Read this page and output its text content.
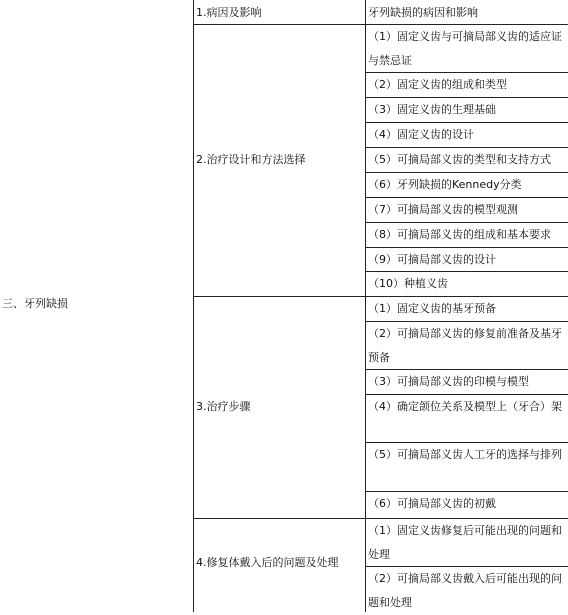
三、牙列缺损
1.病因及影响	牙列缺损的病因和影响
2.治疗设计和方法选择
3.治疗步骤
4.修复体戴入后的问题及处理
（1）固定义齿与可摘局部义齿的适应证与禁忌证
（2）固定义齿的组成和类型
（3）固定义齿的生理基础
（4）固定义齿的设计
（5）可摘局部义齿的类型和支持方式
（6）牙列缺损的Kennedy分类
（7）可摘局部义齿的模型观测
（8）可摘局部义齿的组成和基本要求
（9）可摘局部义齿的设计
（10）种植义齿
（1）固定义齿的基牙预备
（2）可摘局部义齿的修复前准备及基牙预备
（3）可摘局部义齿的印模与模型
（4）确定颌位关系及模型上（牙合）架
（5）可摘局部义齿人工牙的选择与排列
（6）可摘局部义齿的初戴
（1）固定义齿修复后可能出现的问题和处理
（2）可摘局部义齿戴入后可能出现的问题和处理
